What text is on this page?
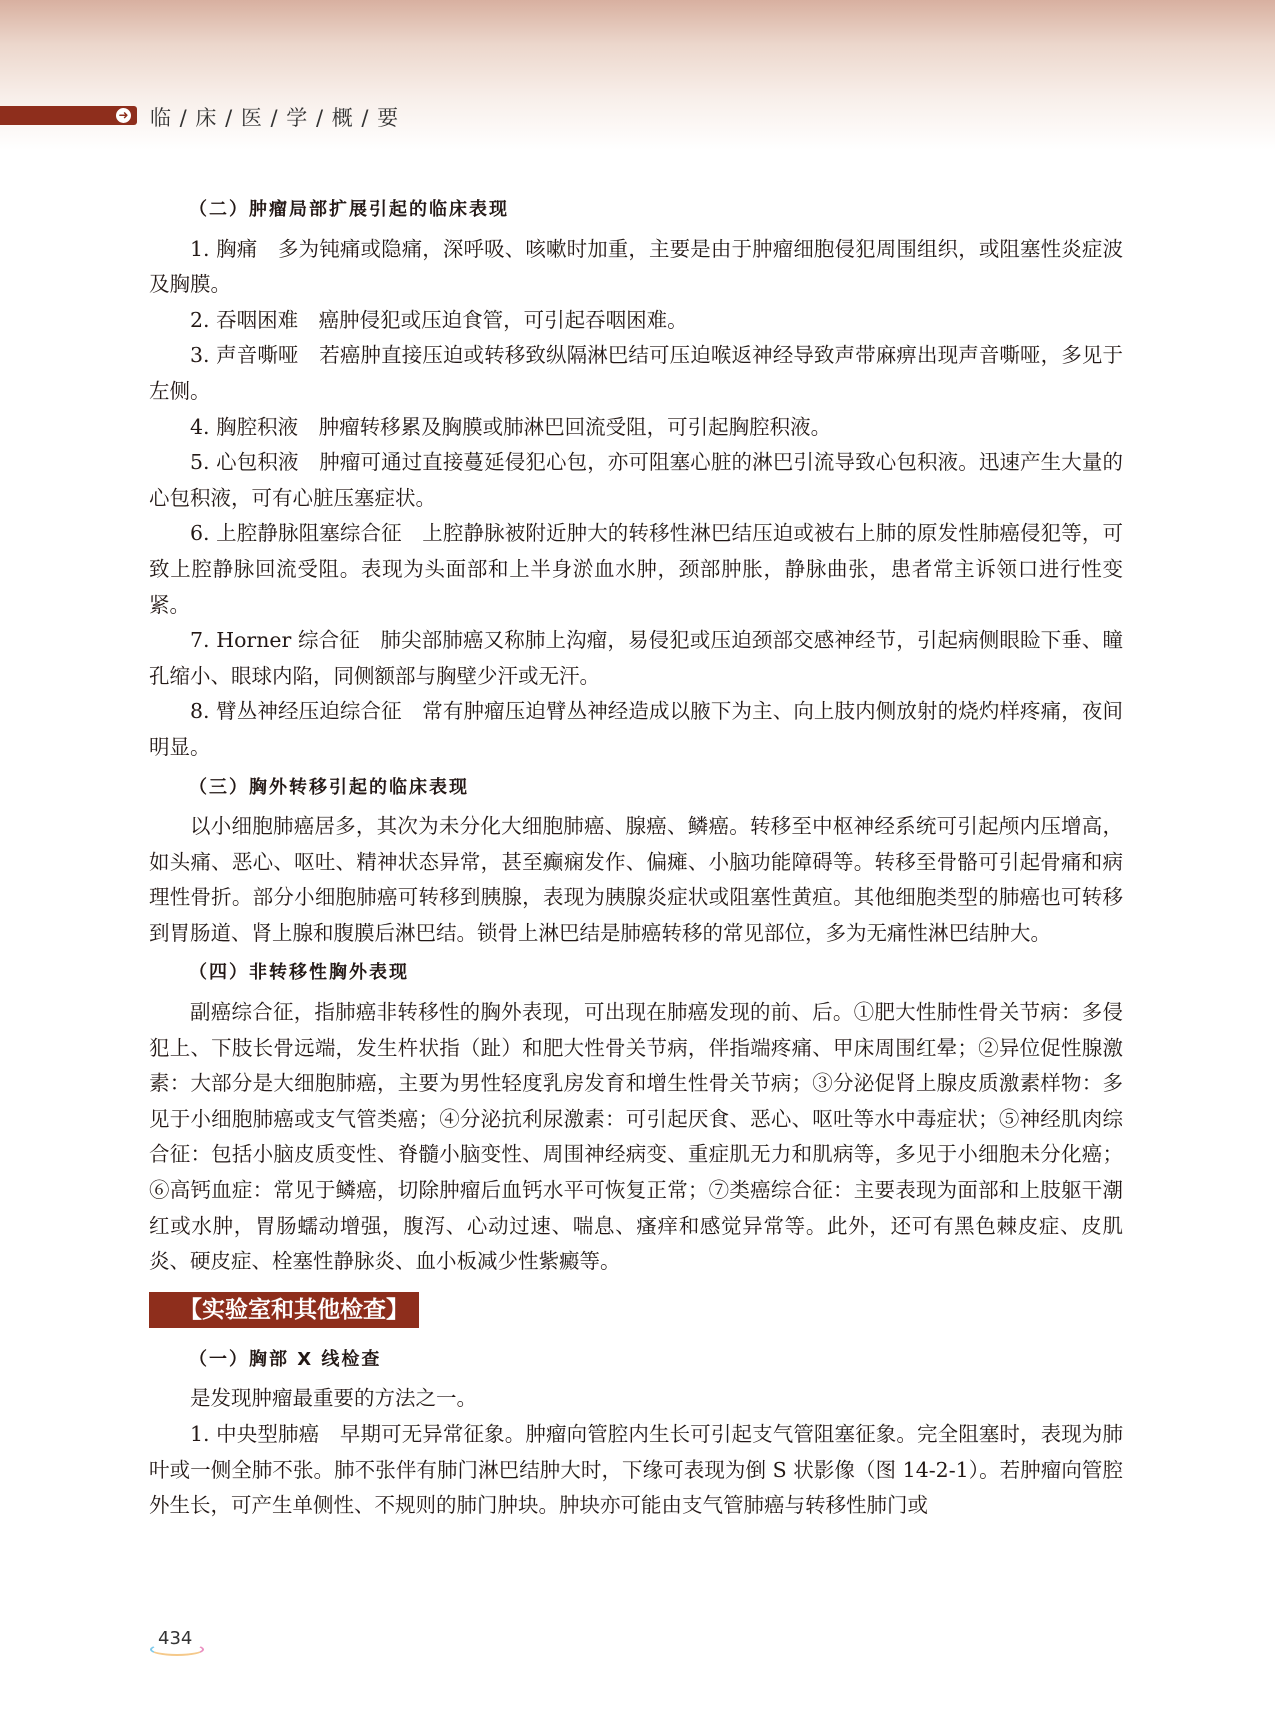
➜ 临 / 床 / 医 / 学 / 概 / 要
（二）肿瘤局部扩展引起的临床表现

1. 胸痛　多为钝痛或隐痛，深呼吸、咳嗽时加重，主要是由于肿瘤细胞侵犯周围组织，或阻塞性炎症波及胸膜。

2. 吞咽困难　癌肿侵犯或压迫食管，可引起吞咽困难。

3. 声音嘶哑　若癌肿直接压迫或转移致纵隔淋巴结可压迫喉返神经导致声带麻痹出现声音嘶哑，多见于左侧。

4. 胸腔积液　肿瘤转移累及胸膜或肺淋巴回流受阻，可引起胸腔积液。

5. 心包积液　肿瘤可通过直接蔓延侵犯心包，亦可阻塞心脏的淋巴引流导致心包积液。迅速产生大量的心包积液，可有心脏压塞症状。

6. 上腔静脉阻塞综合征　上腔静脉被附近肿大的转移性淋巴结压迫或被右上肺的原发性肺癌侵犯等，可致上腔静脉回流受阻。表现为头面部和上半身淤血水肿，颈部肿胀，静脉曲张，患者常主诉领口进行性变紧。

7. Horner 综合征　肺尖部肺癌又称肺上沟瘤，易侵犯或压迫颈部交感神经节，引起病侧眼睑下垂、瞳孔缩小、眼球内陷，同侧额部与胸壁少汗或无汗。

8. 臂丛神经压迫综合征　常有肿瘤压迫臂丛神经造成以腋下为主、向上肢内侧放射的烧灼样疼痛，夜间明显。

（三）胸外转移引起的临床表现

以小细胞肺癌居多，其次为未分化大细胞肺癌、腺癌、鳞癌。转移至中枢神经系统可引起颅内压增高，如头痛、恶心、呕吐、精神状态异常，甚至癫痫发作、偏瘫、小脑功能障碍等。转移至骨骼可引起骨痛和病理性骨折。部分小细胞肺癌可转移到胰腺，表现为胰腺炎症状或阻塞性黄疸。其他细胞类型的肺癌也可转移到胃肠道、肾上腺和腹膜后淋巴结。锁骨上淋巴结是肺癌转移的常见部位，多为无痛性淋巴结肿大。

（四）非转移性胸外表现

副癌综合征，指肺癌非转移性的胸外表现，可出现在肺癌发现的前、后。①肥大性肺性骨关节病：多侵犯上、下肢长骨远端，发生杵状指（趾）和肥大性骨关节病，伴指端疼痛、甲床周围红晕；②异位促性腺激素：大部分是大细胞肺癌，主要为男性轻度乳房发育和增生性骨关节病；③分泌促肾上腺皮质激素样物：多见于小细胞肺癌或支气管类癌；④分泌抗利尿激素：可引起厌食、恶心、呕吐等水中毒症状；⑤神经肌肉综合征：包括小脑皮质变性、脊髓小脑变性、周围神经病变、重症肌无力和肌病等，多见于小细胞未分化癌；⑥高钙血症：常见于鳞癌，切除肿瘤后血钙水平可恢复正常；⑦类癌综合征：主要表现为面部和上肢躯干潮红或水肿，胃肠蠕动增强，腹泻、心动过速、喘息、瘙痒和感觉异常等。此外，还可有黑色棘皮症、皮肌炎、硬皮症、栓塞性静脉炎、血小板减少性紫癜等。

【实验室和其他检查】
（一）胸部 X 线检查

是发现肿瘤最重要的方法之一。

1. 中央型肺癌　早期可无异常征象。肿瘤向管腔内生长可引起支气管阻塞征象。完全阻塞时，表现为肺叶或一侧全肺不张。肺不张伴有肺门淋巴结肿大时，下缘可表现为倒 S 状影像（图 14-2-1）。若肿瘤向管腔外生长，可产生单侧性、不规则的肺门肿块。肿块亦可能由支气管肺癌与转移性肺门或

434
